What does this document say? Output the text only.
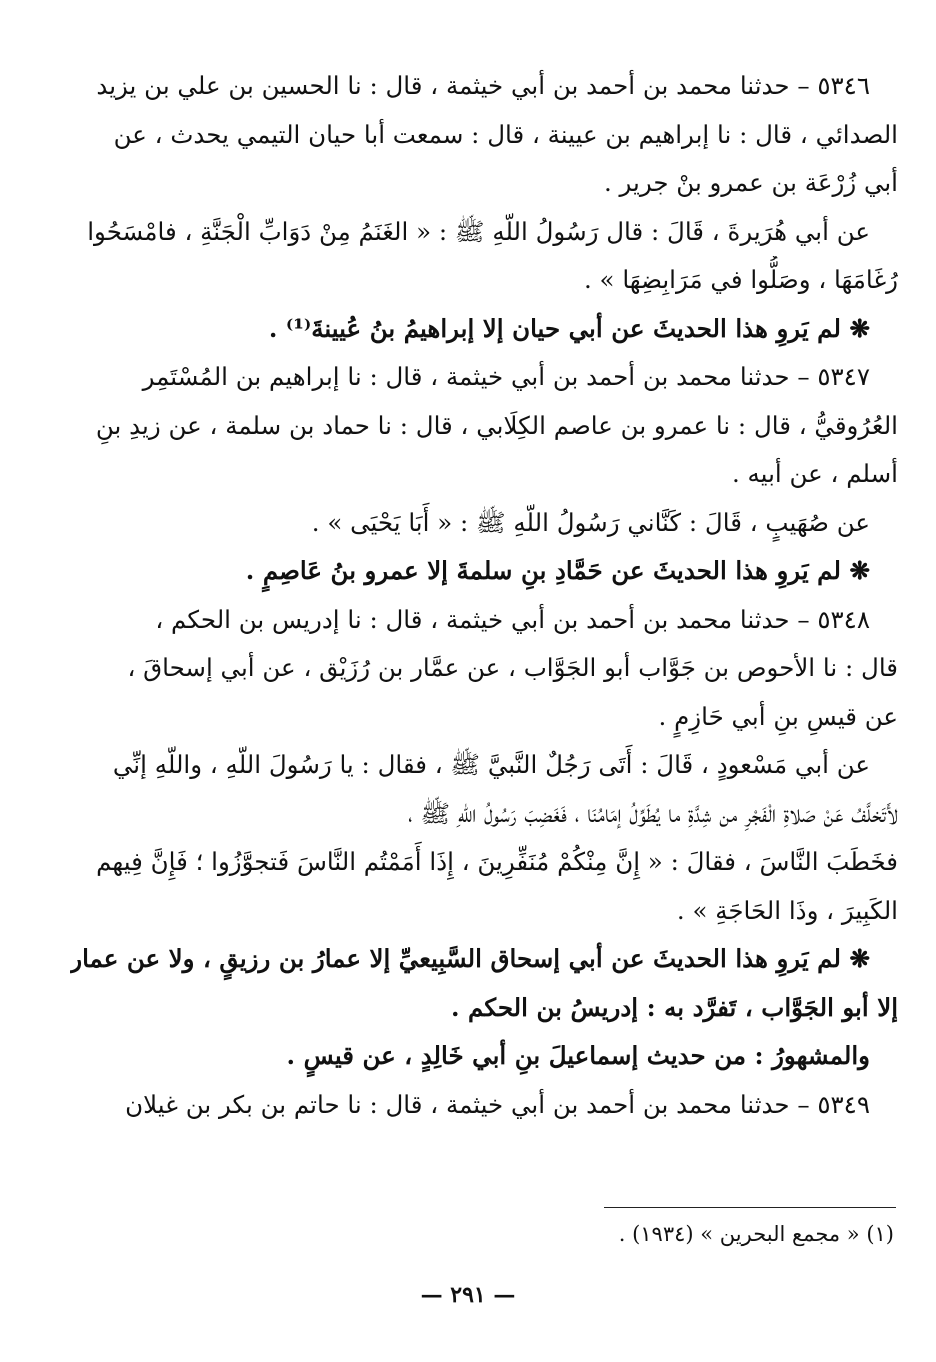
٥٣٤٦ – حدثنا محمد بن أحمد بن أبي خيثمة ، قال : نا الحسين بن علي بن يزيد
الصدائي ، قال : نا إبراهيم بن عيينة ، قال : سمعت أبا حيان التيمي يحدث ، عن
أبي زُرْعَة بن عمرو بنْ جرير .
عن أبي هُرَيرةَ ، قَالَ : قال رَسُولُ اللّهِ ﷺ : « الغَنَمُ مِنْ دَوَابِّ الْجَنَّةِ ، فامْسَحُوا
رُغَامَهَا ، وصَلُّوا في مَرَابِضِهَا » .
❋ لم يَروِ هذا الحديثَ عن أبي حيان إلا إبراهيمُ بنُ عُيينةَ⁽¹⁾ .
٥٣٤٧ – حدثنا محمد بن أحمد بن أبي خيثمة ، قال : نا إبراهيم بن المُسْتَمِر
العُرُوقيُّ ، قال : نا عمرو بن عاصم الكِلَابي ، قال : نا حماد بن سلمة ، عن زيدِ بنِ
أسلم ، عن أبيه .
عن صُهَيبٍ ، قَالَ : كَنَّاني رَسُولُ اللّهِ ﷺ : « أَبَا يَحْيَى » .
❋ لم يَروِ هذا الحديثَ عن حَمَّادِ بنِ سلمةَ إلا عمرو بنُ عَاصِمٍ .
٥٣٤٨ – حدثنا محمد بن أحمد بن أبي خيثمة ، قال : نا إدريس بن الحكم ،
قال : نا الأحوص بن جَوَّاب أبو الجَوَّاب ، عن عمَّار بن رُزَيْق ، عن أبي إسحاقَ ،
عن قيسِ بنِ أبي حَازِمٍ .
عن أبي مَسْعودٍ ، قَالَ : أَتَى رَجُلٌ النَّبيَّ ﷺ ، فقال : يا رَسُولَ اللّهِ ، واللّهِ إنِّي
لأَتَخلَّفُ عَنْ صَلاةِ الْفَجْرِ من شِدَّةِ ما يُطَوِّلُ إمَامُنَا ، فَغَضِبَ رَسُولُ اللّهِ ﷺ ،
فخَطَبَ النَّاسَ ، فقالَ : « إِنَّ مِنْكُمْ مُنَفِّرِينَ ، إِذَا أَمَمْتُم النَّاسَ فَتجوَّزُوا ؛ فَإِنَّ فِيهم
الكَبِيرَ ، وذَا الحَاجَةِ » .
❋ لم يَروِ هذا الحديثَ عن أبي إسحاق السَّبِيعيِّ إلا عمارُ بن رزيقٍ ، ولا عن عمار
إلا أبو الجَوَّاب ، تَفرَّد به : إدريسُ بن الحكم .
والمشهورُ : من حديث إسماعيلَ بنِ أبي خَالِدٍ ، عن قيسٍ .
٥٣٤٩ – حدثنا محمد بن أحمد بن أبي خيثمة ، قال : نا حاتم بن بكر بن غيلان
(١) « مجمع البحرين » (١٩٣٤) .
— ٢٩١ —
